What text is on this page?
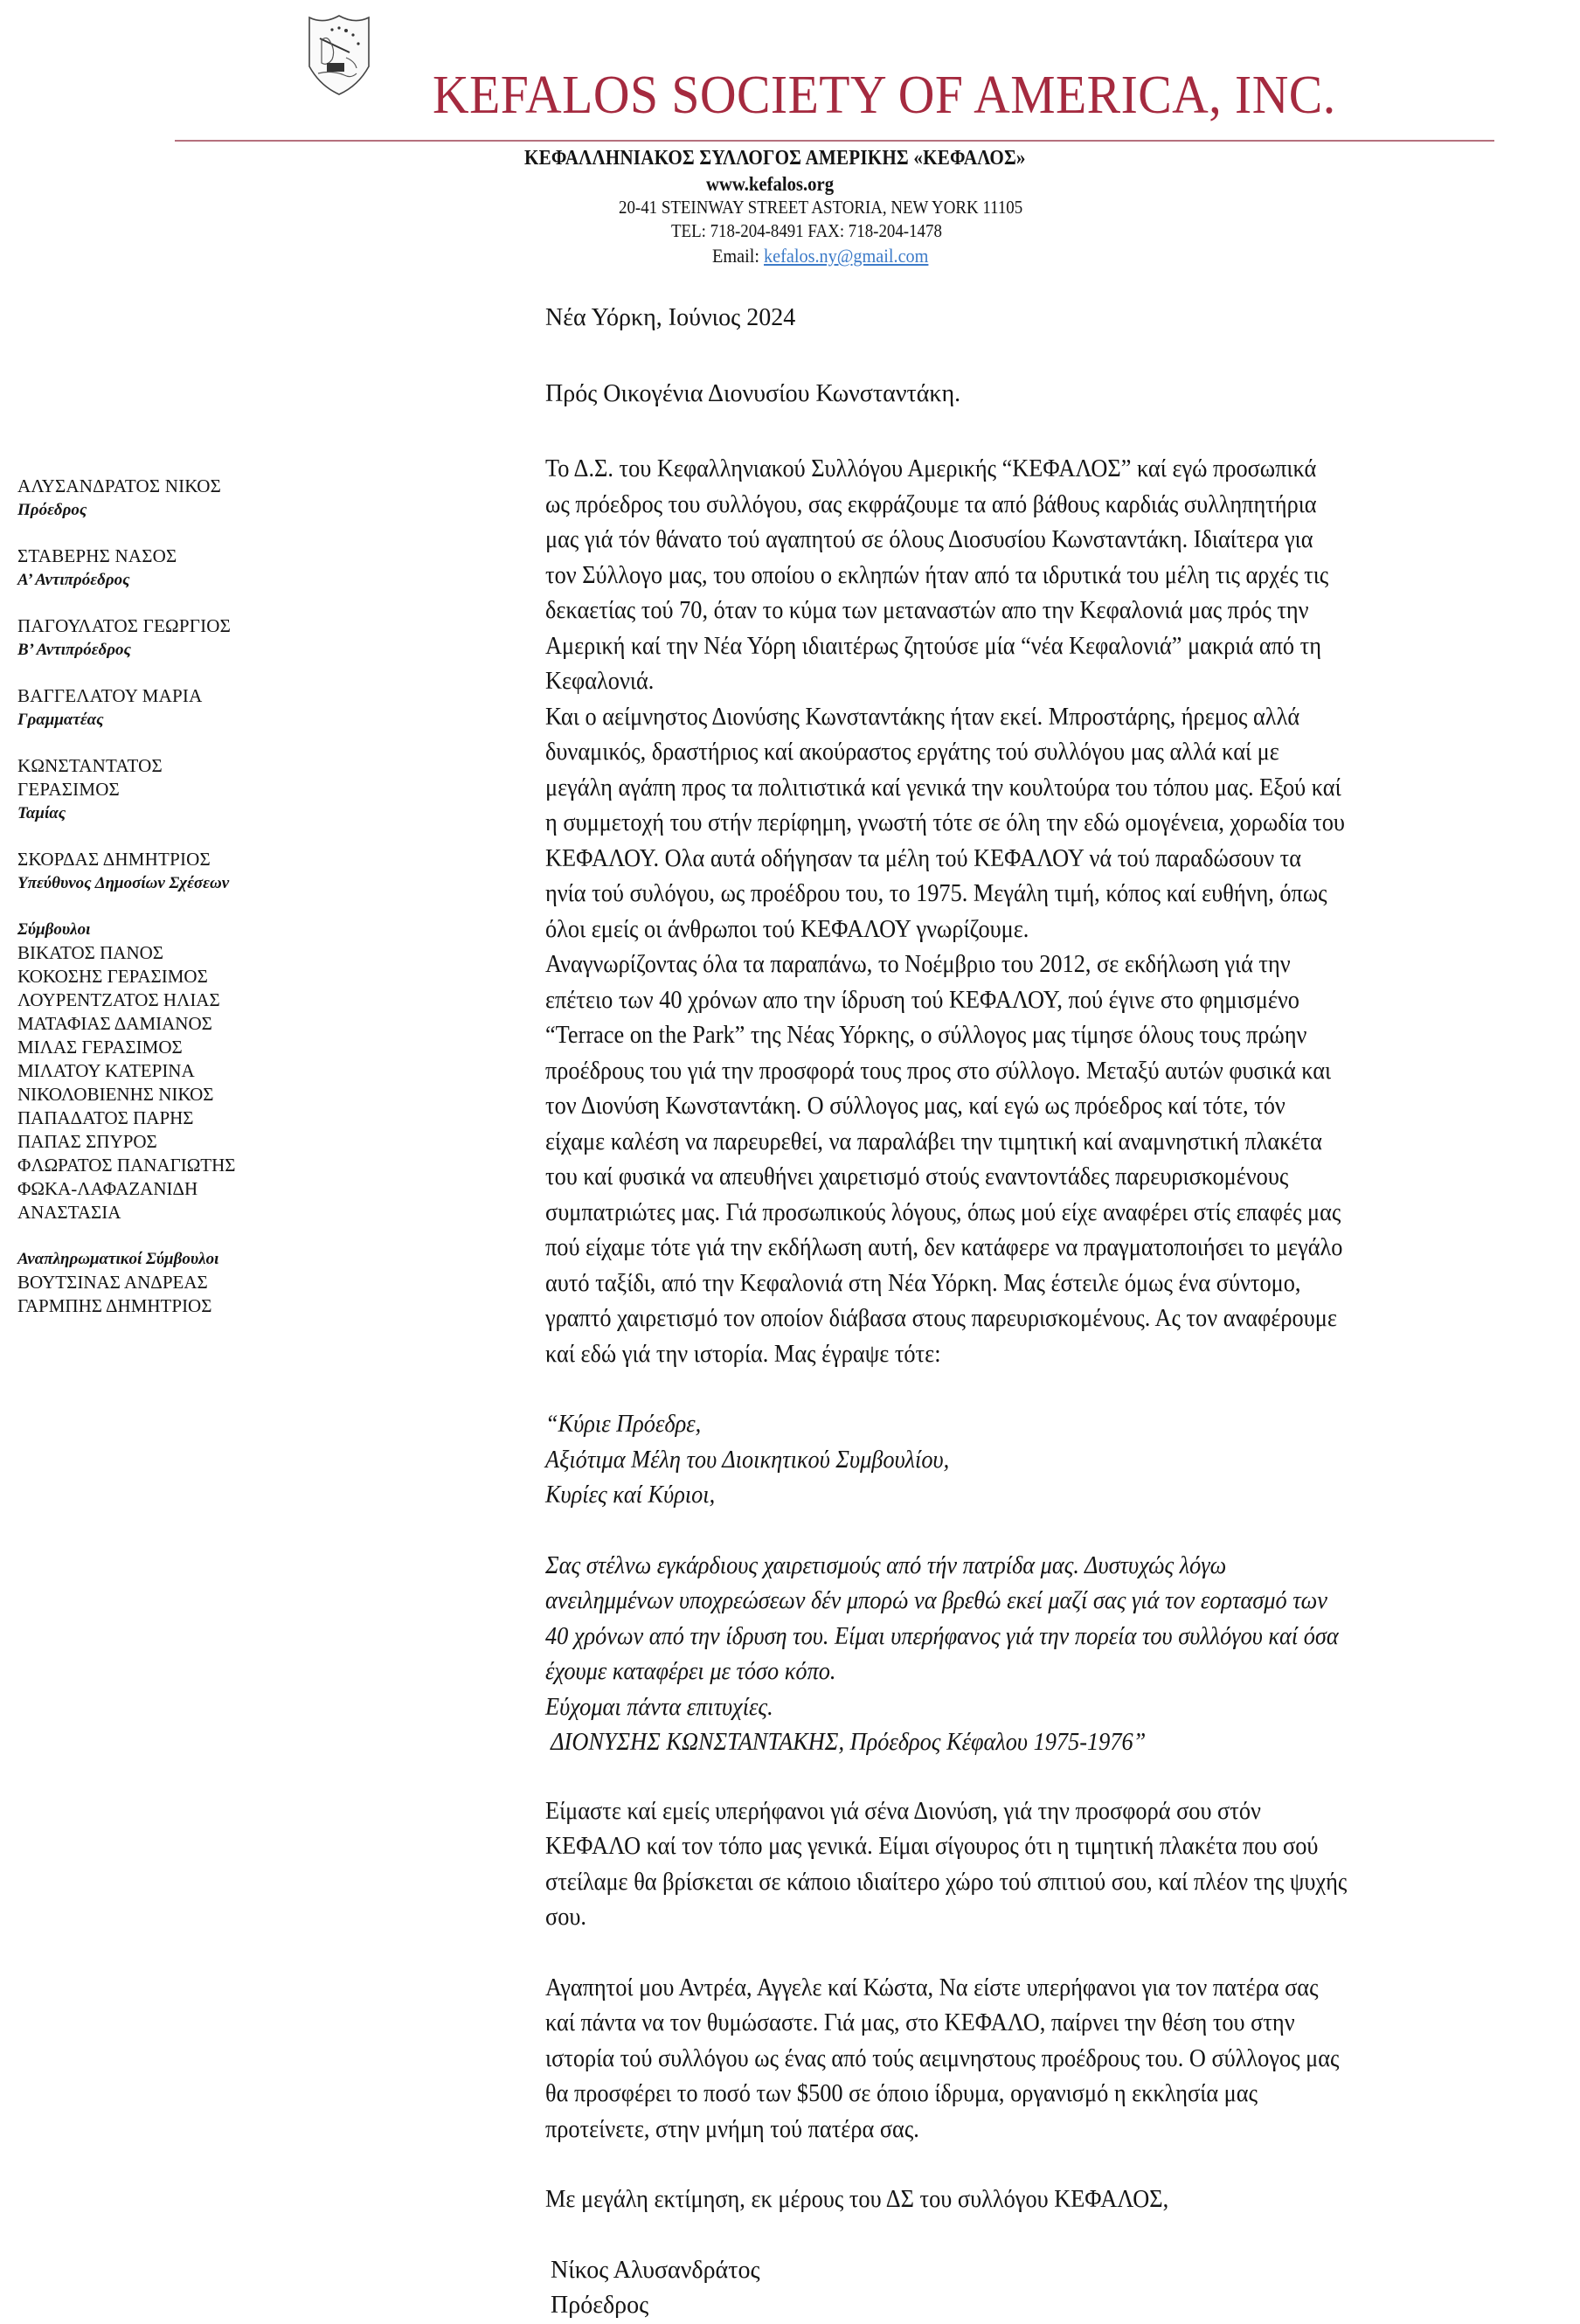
KEFALOS SOCIETY OF AMERICA, INC.
ΚΕΦΑΛΛΗΝΙΑΚΟΣ ΣΥΛΛΟΓΟΣ ΑΜΕΡΙΚΗΣ «ΚΕΦΑΛΟΣ»
www.kefalos.org
20-41 STEINWAY STREET ASTORIA, NEW YORK 11105
TEL: 718-204-8491 FAX: 718-204-1478
Email: kefalos.ny@gmail.com
ΑΛΥΣΑΝΔΡΑΤΟΣ ΝΙΚΟΣ
Πρόεδρος
ΣΤΑΒΕΡΗΣ ΝΑΣΟΣ
Α’ Αντιπρόεδρος
ΠΑΓΟΥΛΑΤΟΣ ΓΕΩΡΓΙΟΣ
Β’ Αντιπρόεδρος
ΒΑΓΓΕΛΑΤΟΥ ΜΑΡΙΑ
Γραμματέας
ΚΩΝΣΤΑΝΤΑΤΟΣ
ΓΕΡΑΣΙΜΟΣ
Ταμίας
ΣΚΟΡΔΑΣ ΔΗΜΗΤΡΙΟΣ
Υπεύθυνος Δημοσίων Σχέσεων
Σύμβουλοι
ΒΙΚΑΤΟΣ ΠΑΝΟΣ
ΚΟΚΟΣΗΣ ΓΕΡΑΣΙΜΟΣ
ΛΟΥΡΕΝΤΖΑΤΟΣ ΗΛΙΑΣ
ΜΑΤΑΦΙΑΣ ΔΑΜΙΑΝΟΣ
ΜΙΛΑΣ ΓΕΡΑΣΙΜΟΣ
ΜΙΛΑΤΟΥ ΚΑΤΕΡΙΝΑ
ΝΙΚΟΛΟΒΙΕΝΗΣ ΝΙΚΟΣ
ΠΑΠΑΔΑΤΟΣ ΠΑΡΗΣ
ΠΑΠΑΣ ΣΠΥΡΟΣ
ΦΛΩΡΑΤΟΣ ΠΑΝΑΓΙΩΤΗΣ
ΦΩΚΑ-ΛΑΦΑΖΑΝΙΔΗ
ΑΝΑΣΤΑΣΙΑ
Αναπληρωματικοί Σύμβουλοι
ΒΟΥΤΣΙΝΑΣ ΑΝΔΡΕΑΣ
ΓΑΡΜΠΗΣ ΔΗΜΗΤΡΙΟΣ

Νέα Υόρκη, Ιούνιος 2024

Πρός Οικογένια Διονυσίου Κωνσταντάκη.

Το Δ.Σ. του Κεφαλληνιακού Συλλόγου Αμερικής “ΚΕΦΑΛΟΣ” καί εγώ προσωπικά
ως πρόεδρος του συλλόγου, σας εκφράζουμε τα από βάθους καρδιάς συλληπητήρια
μας γιά τόν θάνατο τού αγαπητού σε όλους Διοσυσίου Κωνσταντάκη. Ιδιαίτερα για
τον Σύλλογο μας, του οποίου ο εκληπών ήταν από τα ιδρυτικά του μέλη τις αρχές τις
δεκαετίας τού 70, όταν το κύμα των μεταναστών απο την Κεφαλονιά μας πρός την
Αμερική καί την Νέα Υόρη ιδιαιτέρως ζητούσε μία “νέα Κεφαλονιά” μακριά από τη
Κεφαλονιά.
Και ο αείμνηστος Διονύσης Κωνσταντάκης ήταν εκεί. Μπροστάρης, ήρεμος αλλά
δυναμικός, δραστήριος καί ακούραστος εργάτης τού συλλόγου μας αλλά καί με
μεγάλη αγάπη προς τα πολιτιστικά καί γενικά την κουλτούρα του τόπου μας. Εξού καί
η συμμετοχή του στήν περίφημη, γνωστή τότε σε όλη την εδώ ομογένεια, χορωδία του
ΚΕΦΑΛΟΥ. Ολα αυτά οδήγησαν τα μέλη τού ΚΕΦΑΛΟΥ νά τού παραδώσουν τα
ηνία τού συλόγου, ως προέδρου του, το 1975. Μεγάλη τιμή, κόπος καί ευθήνη, όπως
όλοι εμείς οι άνθρωποι τού ΚΕΦΑΛΟΥ γνωρίζουμε.
Αναγνωρίζοντας όλα τα παραπάνω, το Νοέμβριο του 2012, σε εκδήλωση γιά την
επέτειο των 40 χρόνων απο την ίδρυση τού ΚΕΦΑΛΟΥ, πού έγινε στο φημισμένο
“Terrace on the Park” της Νέας Υόρκης, ο σύλλογος μας τίμησε όλους τους πρώην
προέδρους του γιά την προσφορά τους προς στο σύλλογο. Μεταξύ αυτών φυσικά και
τον Διονύση Κωνσταντάκη. Ο σύλλογος μας, καί εγώ ως πρόεδρος καί τότε, τόν
είχαμε καλέση να παρευρεθεί, να παραλάβει την τιμητική καί αναμνηστική πλακέτα
του καί φυσικά να απευθήνει χαιρετισμό στούς εναντοντάδες παρευρισκομένους
συμπατριώτες μας. Γιά προσωπικούς λόγους, όπως μού είχε αναφέρει στίς επαφές μας
πού είχαμε τότε γιά την εκδήλωση αυτή, δεν κατάφερε να πραγματοποιήσει το μεγάλο
αυτό ταξίδι, από την Κεφαλονιά στη Νέα Υόρκη. Μας έστειλε όμως ένα σύντομο,
γραπτό χαιρετισμό τον οποίον διάβασα στους παρευρισκομένους. Ας τον αναφέρουμε
καί εδώ γιά την ιστορία. Μας έγραψε τότε:
“Κύριε Πρόεδρε,
Αξιότιμα Μέλη του Διοικητικού Συμβουλίου,
Κυρίες καί Κύριοι,
Σας στέλνω εγκάρδιους χαιρετισμούς από τήν πατρίδα μας. Δυστυχώς λόγω
ανειλημμένων υποχρεώσεων δέν μπορώ να βρεθώ εκεί μαζί σας γιά τον εορτασμό των
40 χρόνων από την ίδρυση του. Είμαι υπερήφανος γιά την πορεία του συλλόγου καί όσα
έχουμε καταφέρει με τόσο κόπο.
Εύχομαι πάντα επιτυχίες.
ΔΙΟΝΥΣΗΣ ΚΩΝΣΤΑΝΤΑΚΗΣ, Πρόεδρος Κέφαλου 1975-1976”
Είμαστε καί εμείς υπερήφανοι γιά σένα Διονύση, γιά την προσφορά σου στόν
ΚΕΦΑΛΟ καί τον τόπο μας γενικά. Είμαι σίγουρος ότι η τιμητική πλακέτα που σού
στείλαμε θα βρίσκεται σε κάποιο ιδιαίτερο χώρο τού σπιτιού σου, καί πλέον της ψυχής
σου.
Αγαπητοί μου Αντρέα, Αγγελε καί Κώστα, Να είστε υπερήφανοι για τον πατέρα σας
καί πάντα να τον θυμώσαστε. Γιά μας, στο ΚΕΦΑΛΟ, παίρνει την θέση του στην
ιστορία τού συλλόγου ως ένας από τούς αειμνηστους προέδρους του. Ο σύλλογος μας
θα προσφέρει το ποσό των $500 σε όποιο ίδρυμα, οργανισμό η εκκλησία μας
προτείνετε, στην μνήμη τού πατέρα σας.

Με μεγάλη εκτίμηση, εκ μέρους του ΔΣ του συλλόγου ΚΕΦΑΛΟΣ,

Νίκος Αλυσανδράτος

Πρόεδρος
